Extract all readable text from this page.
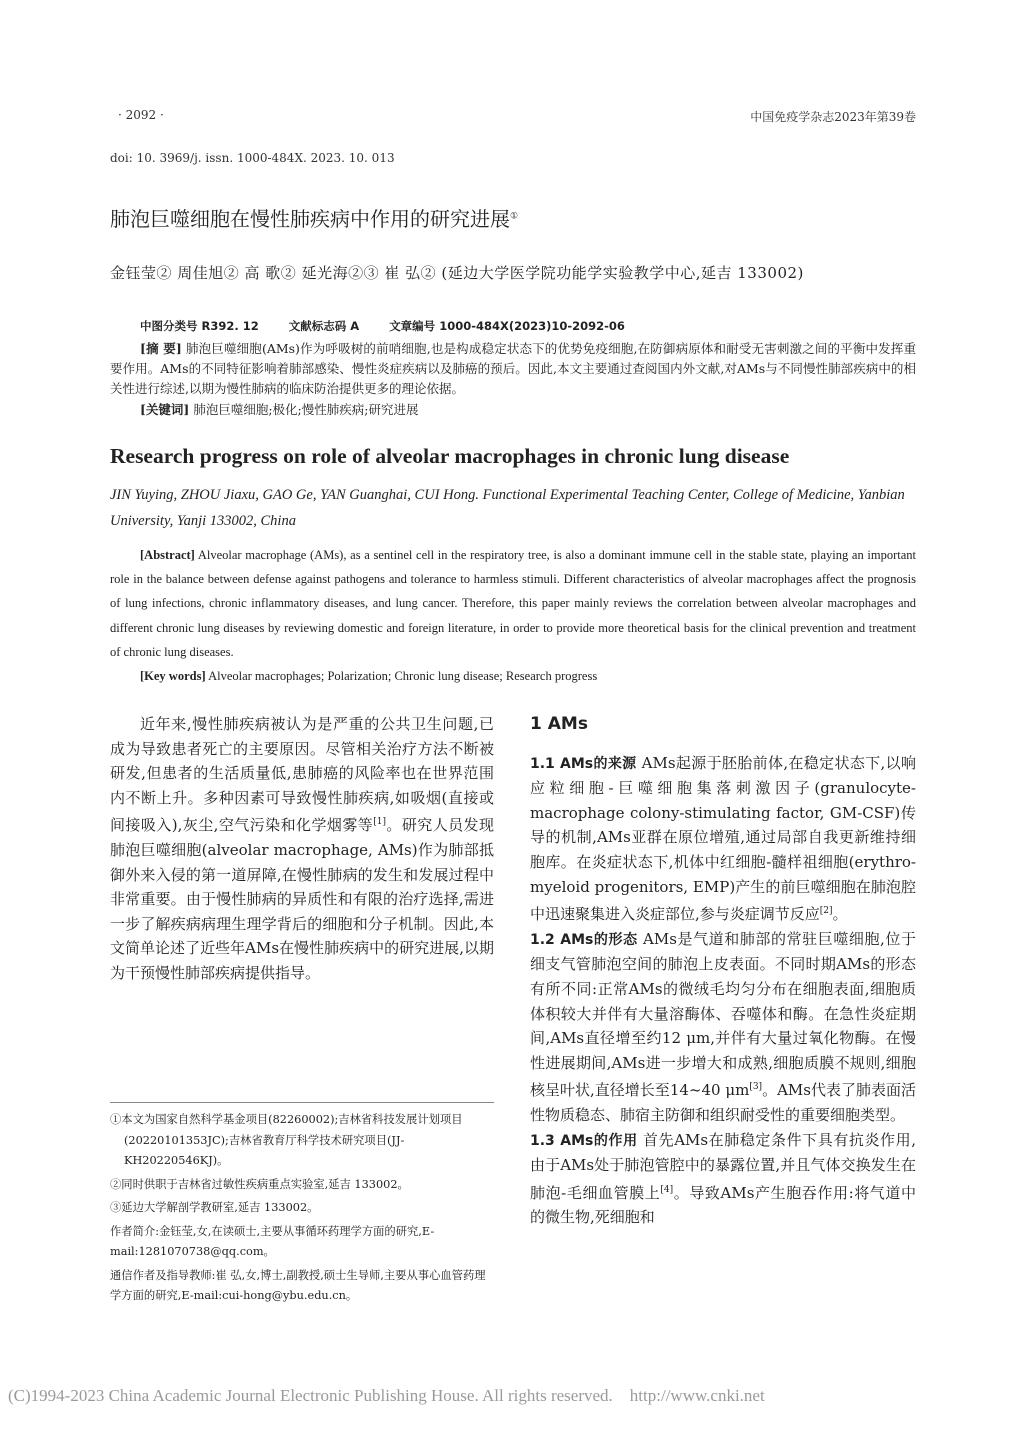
· 2092 ·	中国免疫学杂志2023年第39卷
doi: 10. 3969/j. issn. 1000-484X. 2023. 10. 013
肺泡巨噬细胞在慢性肺疾病中作用的研究进展①
金钰莹② 周佳旭② 高 歌② 延光海②③ 崔 弘② (延边大学医学院功能学实验教学中心,延吉 133002)
中图分类号 R392. 12	文献标志码 A	文章编号 1000-484X(2023)10-2092-06
[摘 要] 肺泡巨噬细胞(AMs)作为呼吸树的前哨细胞,也是构成稳定状态下的优势免疫细胞,在防御病原体和耐受无害刺激之间的平衡中发挥重要作用。AMs的不同特征影响着肺部感染、慢性炎症疾病以及肺癌的预后。因此,本文主要通过查阅国内外文献,对AMs与不同慢性肺部疾病中的相关性进行综述,以期为慢性肺病的临床防治提供更多的理论依据。
[关键词] 肺泡巨噬细胞;极化;慢性肺疾病;研究进展
Research progress on role of alveolar macrophages in chronic lung disease
JIN Yuying, ZHOU Jiaxu, GAO Ge, YAN Guanghai, CUI Hong. Functional Experimental Teaching Center, College of Medicine, Yanbian University, Yanji 133002, China
[Abstract] Alveolar macrophage (AMs), as a sentinel cell in the respiratory tree, is also a dominant immune cell in the stable state, playing an important role in the balance between defense against pathogens and tolerance to harmless stimuli. Different characteristics of alveolar macrophages affect the prognosis of lung infections, chronic inflammatory diseases, and lung cancer. Therefore, this paper mainly reviews the correlation between alveolar macrophages and different chronic lung diseases by reviewing domestic and foreign literature, in order to provide more theoretical basis for the clinical prevention and treatment of chronic lung diseases.
[Key words] Alveolar macrophages; Polarization; Chronic lung disease; Research progress

近年来,慢性肺疾病被认为是严重的公共卫生问题,已成为导致患者死亡的主要原因。尽管相关治疗方法不断被研发,但患者的生活质量低,患肺癌的风险率也在世界范围内不断上升。多种因素可导致慢性肺疾病,如吸烟(直接或间接吸入),灰尘,空气污染和化学烟雾等[1]。研究人员发现肺泡巨噬细胞(alveolar macrophage, AMs)作为肺部抵御外来入侵的第一道屏障,在慢性肺病的发生和发展过程中非常重要。由于慢性肺病的异质性和有限的治疗选择,需进一步了解疾病病理生理学背后的细胞和分子机制。因此,本文简单论述了近些年AMs在慢性肺疾病中的研究进展,以期为干预慢性肺部疾病提供指导。

①本文为国家自然科学基金项目(82260002);吉林省科技发展计划项目(20220101353JC);吉林省教育厅科学技术研究项目(JJ-KH20220546KJ)。

②同时供职于吉林省过敏性疾病重点实验室,延吉 133002。

③延边大学解剖学教研室,延吉 133002。

作者简介:金钰莹,女,在读硕士,主要从事循环药理学方面的研究,E-mail:1281070738@qq.com。

通信作者及指导教师:崔 弘,女,博士,副教授,硕士生导师,主要从事心血管药理学方面的研究,E-mail:cui-hong@ybu.edu.cn。

1 AMs

1.1 AMs的来源 AMs起源于胚胎前体,在稳定状态下,以响应粒细胞-巨噬细胞集落刺激因子(granulocyte-macrophage colony-stimulating factor, GM-CSF)传导的机制,AMs亚群在原位增殖,通过局部自我更新维持细胞库。在炎症状态下,机体中红细胞-髓样祖细胞(erythro-myeloid progenitors, EMP)产生的前巨噬细胞在肺泡腔中迅速聚集进入炎症部位,参与炎症调节反应[2]。

1.2 AMs的形态 AMs是气道和肺部的常驻巨噬细胞,位于细支气管肺泡空间的肺泡上皮表面。不同时期AMs的形态有所不同:正常AMs的微绒毛均匀分布在细胞表面,细胞质体积较大并伴有大量溶酶体、吞噬体和酶。在急性炎症期间,AMs直径增至约12 μm,并伴有大量过氧化物酶。在慢性进展期间,AMs进一步增大和成熟,细胞质膜不规则,细胞核呈叶状,直径增长至14~40 μm[3]。AMs代表了肺表面活性物质稳态、肺宿主防御和组织耐受性的重要细胞类型。

1.3 AMs的作用 首先AMs在肺稳定条件下具有抗炎作用,由于AMs处于肺泡管腔中的暴露位置,并且气体交换发生在肺泡-毛细血管膜上[4]。导致AMs产生胞吞作用:将气道中的微生物,死细胞和

(C)1994-2023 China Academic Journal Electronic Publishing House. All rights reserved.    http://www.cnki.net
